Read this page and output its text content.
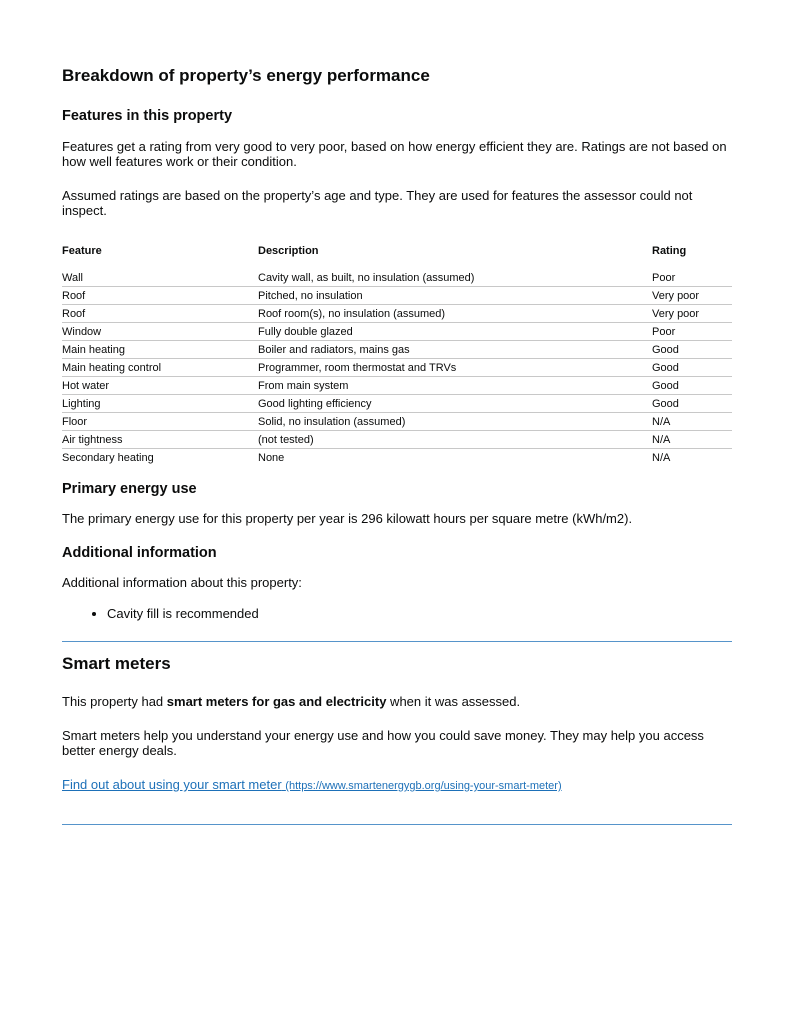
Breakdown of property’s energy performance
Features in this property

Features get a rating from very good to very poor, based on how energy efficient they are. Ratings are not based on how well features work or their condition.

Assumed ratings are based on the property’s age and type. They are used for features the assessor could not inspect.

Feature	Description	Rating
Wall	Cavity wall, as built, no insulation (assumed)	Poor
Roof	Pitched, no insulation	Very poor
Roof	Roof room(s), no insulation (assumed)	Very poor
Window	Fully double glazed	Poor
Main heating	Boiler and radiators, mains gas	Good
Main heating control	Programmer, room thermostat and TRVs	Good
Hot water	From main system	Good
Lighting	Good lighting efficiency	Good
Floor	Solid, no insulation (assumed)	N/A
Air tightness	(not tested)	N/A
Secondary heating	None	N/A
Primary energy use

The primary energy use for this property per year is 296 kilowatt hours per square metre (kWh/m2).

Additional information

Additional information about this property:

• Cavity fill is recommended
Smart meters

This property had smart meters for gas and electricity when it was assessed.

Smart meters help you understand your energy use and how you could save money. They may help you access better energy deals.

Find out about using your smart meter (https://www.smartenergygb.org/using-your-smart-meter)
